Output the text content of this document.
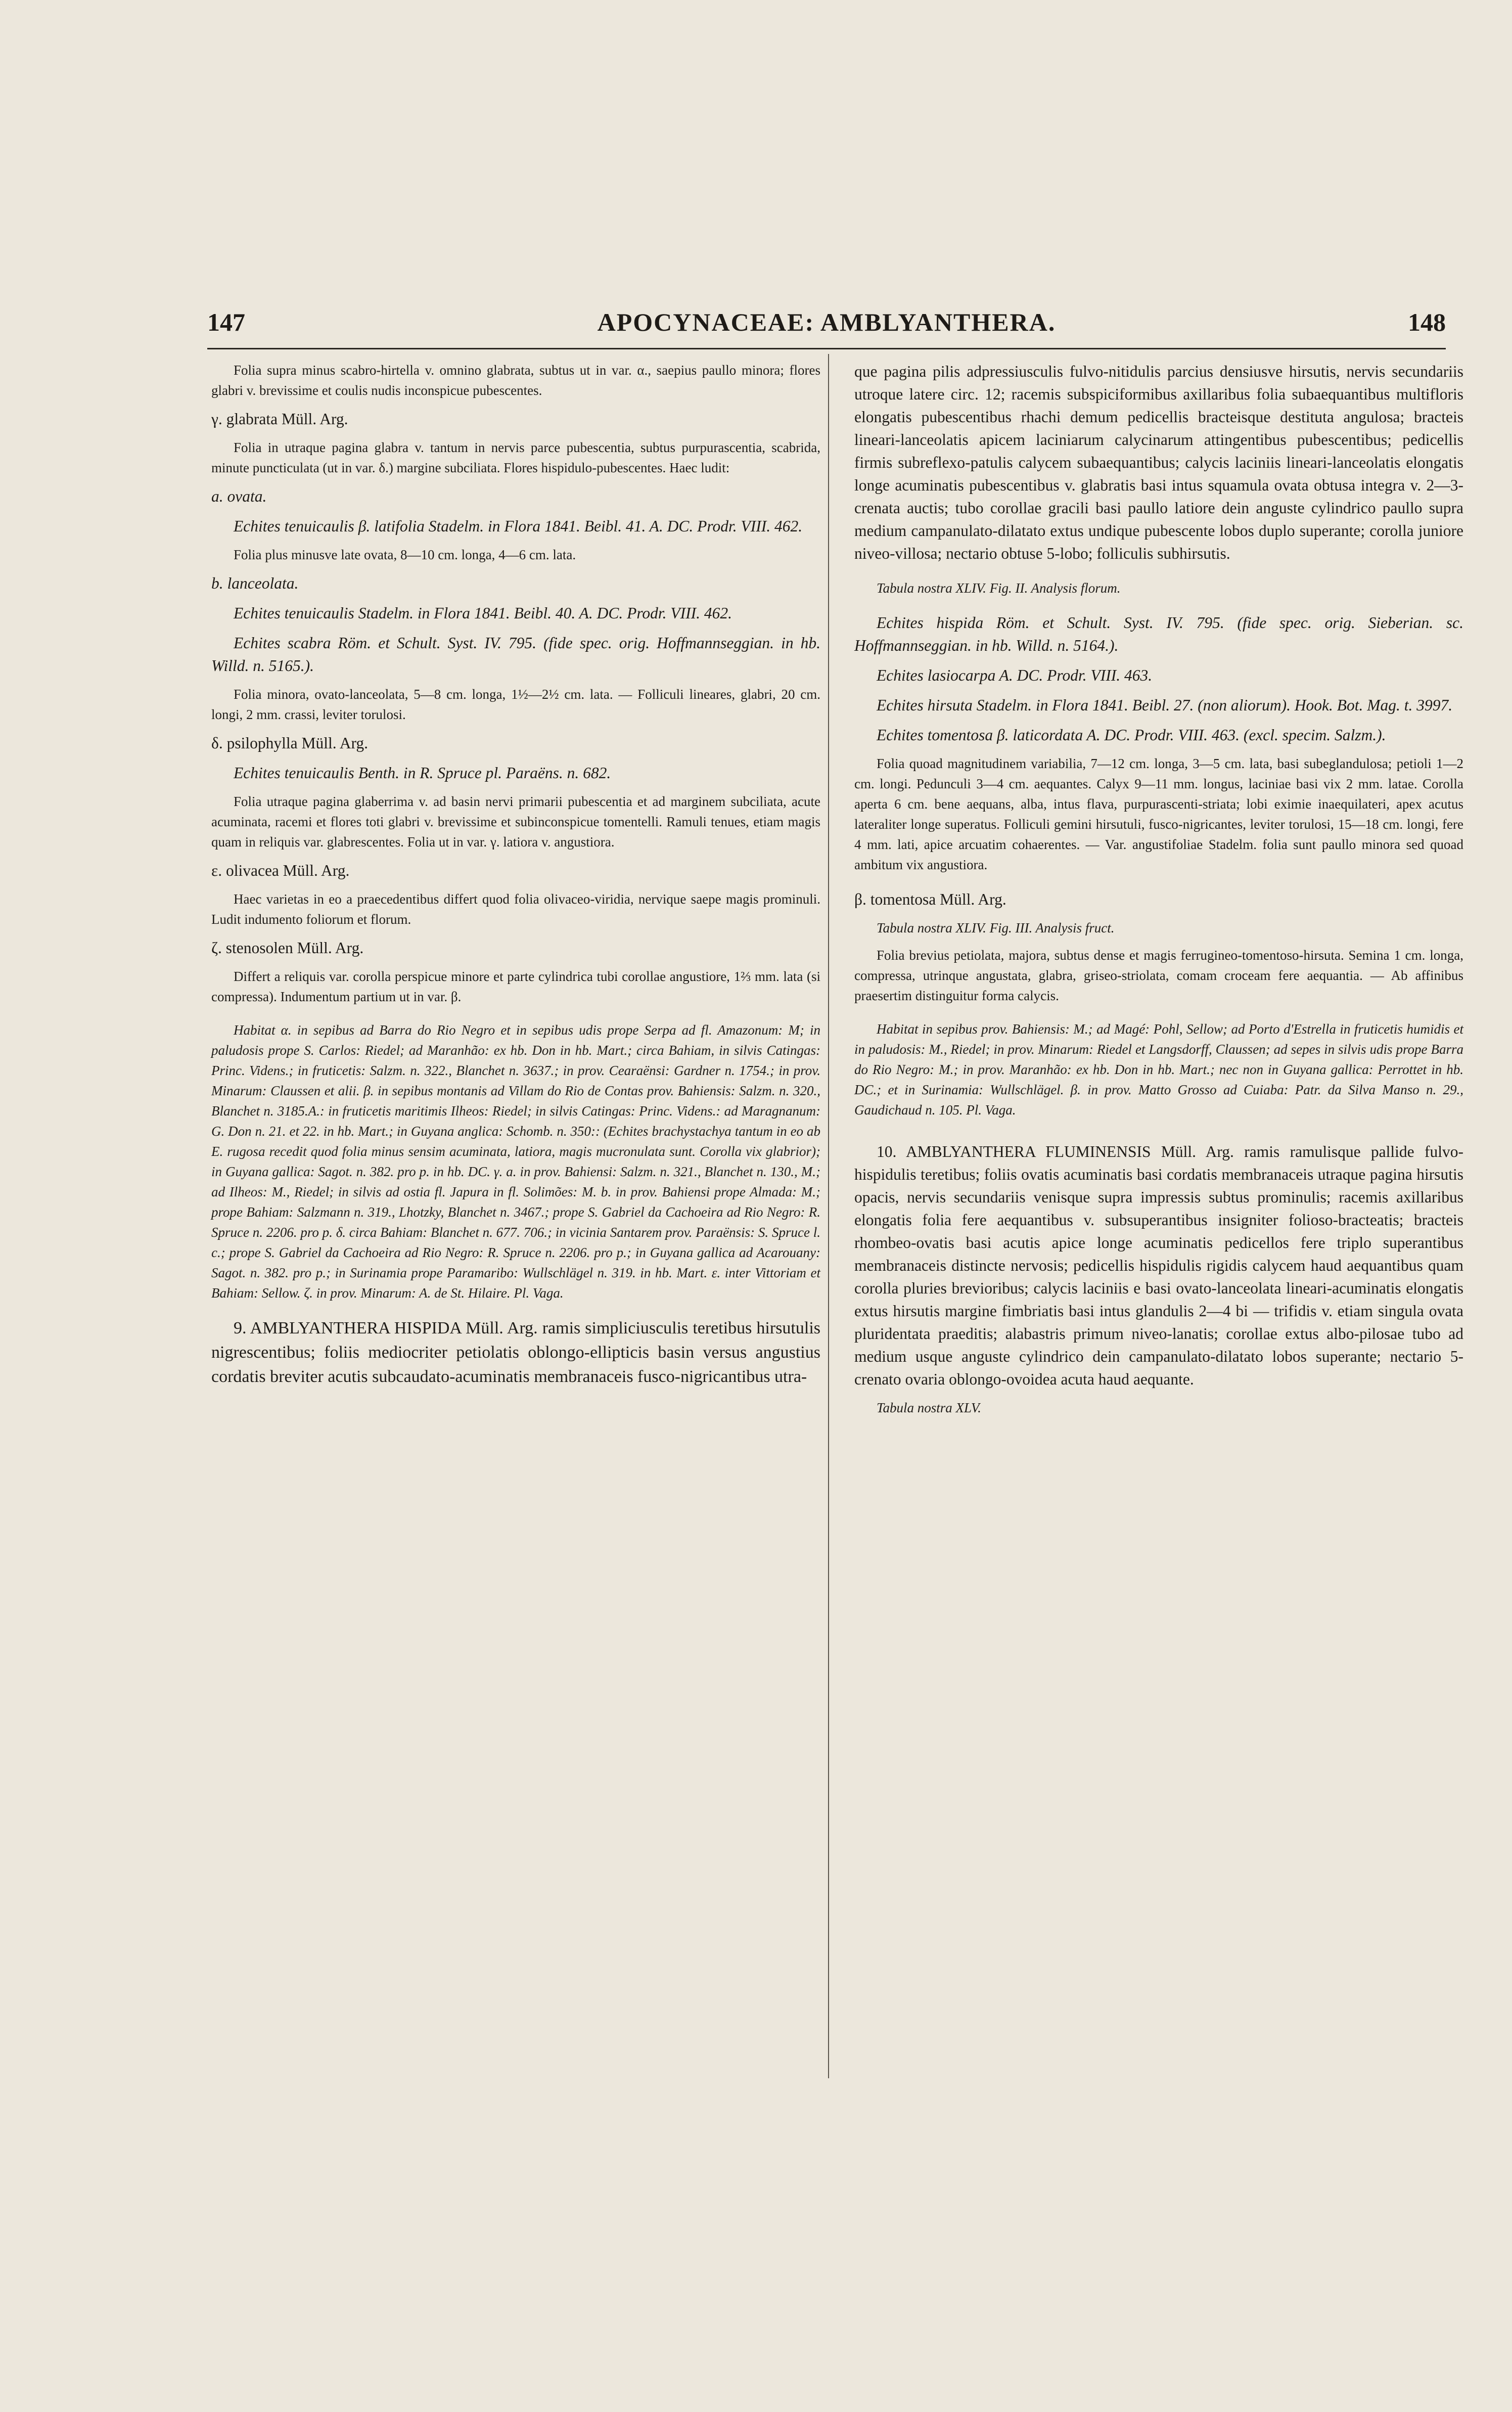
147	APOCYNACEAE: AMBLYANTHERA.	148

Folia supra minus scabro-hirtella v. omnino glabrata, subtus ut in var. α., saepius paullo minora; flores glabri v. brevissime et coulis nudis inconspicue pubescentes.

γ. glabrata Müll. Arg.

Folia in utraque pagina glabra v. tantum in nervis parce pubescentia, subtus purpurascentia, scabrida, minute puncticulata (ut in var. δ.) margine subciliata. Flores hispidulo-pubescentes. Haec ludit:

a. ovata.

Echites tenuicaulis β. latifolia Stadelm. in Flora 1841. Beibl. 41. A. DC. Prodr. VIII. 462.

Folia plus minusve late ovata, 8—10 cm. longa, 4—6 cm. lata.

b. lanceolata.

Echites tenuicaulis Stadelm. in Flora 1841. Beibl. 40. A. DC. Prodr. VIII. 462.

Echites scabra Röm. et Schult. Syst. IV. 795. (fide spec. orig. Hoffmannseggian. in hb. Willd. n. 5165.).

Folia minora, ovato-lanceolata, 5—8 cm. longa, 1½—2½ cm. lata. — Folliculi lineares, glabri, 20 cm. longi, 2 mm. crassi, leviter torulosi.

δ. psilophylla Müll. Arg.

Echites tenuicaulis Benth. in R. Spruce pl. Paraëns. n. 682.

Folia utraque pagina glaberrima v. ad basin nervi primarii pubescentia et ad marginem subciliata, acute acuminata, racemi et flores toti glabri v. brevissime et subinconspicue tomentelli. Ramuli tenues, etiam magis quam in reliquis var. glabrescentes. Folia ut in var. γ. latiora v. angustiora.

ε. olivacea Müll. Arg.

Haec varietas in eo a praecedentibus differt quod folia olivaceo-viridia, nervique saepe magis prominuli. Ludit indumento foliorum et florum.

ζ. stenosolen Müll. Arg.

Differt a reliquis var. corolla perspicue minore et parte cylindrica tubi corollae angustiore, 1⅔ mm. lata (si compressa). Indumentum partium ut in var. β.

Habitat α. in sepibus ad Barra do Rio Negro et in sepibus udis prope Serpa ad fl. Amazonum: M; in paludosis prope S. Carlos: Riedel; ad Maranhão: ex hb. Don in hb. Mart.; circa Bahiam, in silvis Catingas: Princ. Videns.; in fruticetis: Salzm. n. 322., Blanchet n. 3637.; in prov. Cearaënsi: Gardner n. 1754.; in prov. Minarum: Claussen et alii. β. in sepibus montanis ad Villam do Rio de Contas prov. Bahiensis: Salzm. n. 320., Blanchet n. 3185.A.: in fruticetis maritimis Ilheos: Riedel; in silvis Catingas: Princ. Videns.: ad Maragnanum: G. Don n. 21. et 22. in hb. Mart.; in Guyana anglica: Schomb. n. 350:: (Echites brachystachya tantum in eo ab E. rugosa recedit quod folia minus sensim acuminata, latiora, magis mucronulata sunt. Corolla vix glabrior); in Guyana gallica: Sagot. n. 382. pro p. in hb. DC. γ. a. in prov. Bahiensi: Salzm. n. 321., Blanchet n. 130., M.; ad Ilheos: M., Riedel; in silvis ad ostia fl. Japura in fl. Solimões: M. b. in prov. Bahiensi prope Almada: M.; prope Bahiam: Salzmann n. 319., Lhotzky, Blanchet n. 3467.; prope S. Gabriel da Cachoeira ad Rio Negro: R. Spruce n. 2206. pro p. δ. circa Bahiam: Blanchet n. 677. 706.; in vicinia Santarem prov. Paraënsis: S. Spruce l. c.; prope S. Gabriel da Cachoeira ad Rio Negro: R. Spruce n. 2206. pro p.; in Guyana gallica ad Acarouany: Sagot. n. 382. pro p.; in Surinamia prope Paramaribo: Wullschlägel n. 319. in hb. Mart. ε. inter Vittoriam et Bahiam: Sellow. ζ. in prov. Minarum: A. de St. Hilaire. Pl. Vaga.

9. AMBLYANTHERA HISPIDA Müll. Arg. ramis simpliciusculis teretibus hirsutulis nigrescentibus; foliis mediocriter petiolatis oblongo-ellipticis basin versus angustius cordatis breviter acutis subcaudato-acuminatis membranaceis fusco-nigricantibus utra-

que pagina pilis adpressiusculis fulvo-nitidulis parcius densiusve hirsutis, nervis secundariis utroque latere circ. 12; racemis subspiciformibus axillaribus folia subaequantibus multifloris elongatis pubescentibus rhachi demum pedicellis bracteisque destituta angulosa; bracteis lineari-lanceolatis apicem laciniarum calycinarum attingentibus pubescentibus; pedicellis firmis subreflexo-patulis calycem subaequantibus; calycis laciniis lineari-lanceolatis elongatis longe acuminatis pubescentibus v. glabratis basi intus squamula ovata obtusa integra v. 2—3-crenata auctis; tubo corollae gracili basi paullo latiore dein anguste cylindrico paullo supra medium campanulato-dilatato extus undique pubescente lobos duplo superante; corolla juniore niveo-villosa; nectario obtuse 5-lobo; folliculis subhirsutis.

Tabula nostra XLIV. Fig. II. Analysis florum.

Echites hispida Röm. et Schult. Syst. IV. 795. (fide spec. orig. Sieberian. sc. Hoffmannseggian. in hb. Willd. n. 5164.).

Echites lasiocarpa A. DC. Prodr. VIII. 463.

Echites hirsuta Stadelm. in Flora 1841. Beibl. 27. (non aliorum). Hook. Bot. Mag. t. 3997.

Echites tomentosa β. laticordata A. DC. Prodr. VIII. 463. (excl. specim. Salzm.).

Folia quoad magnitudinem variabilia, 7—12 cm. longa, 3—5 cm. lata, basi subeglandulosa; petioli 1—2 cm. longi. Pedunculi 3—4 cm. aequantes. Calyx 9—11 mm. longus, laciniae basi vix 2 mm. latae. Corolla aperta 6 cm. bene aequans, alba, intus flava, purpurascenti-striata; lobi eximie inaequilateri, apex acutus lateraliter longe superatus. Folliculi gemini hirsutuli, fusco-nigricantes, leviter torulosi, 15—18 cm. longi, fere 4 mm. lati, apice arcuatim cohaerentes. — Var. angustifoliae Stadelm. folia sunt paullo minora sed quoad ambitum vix angustiora.

β. tomentosa Müll. Arg.

Tabula nostra XLIV. Fig. III. Analysis fruct.

Folia brevius petiolata, majora, subtus dense et magis ferrugineo-tomentoso-hirsuta. Semina 1 cm. longa, compressa, utrinque angustata, glabra, griseo-striolata, comam croceam fere aequantia. — Ab affinibus praesertim distinguitur forma calycis.

Habitat in sepibus prov. Bahiensis: M.; ad Magé: Pohl, Sellow; ad Porto d'Estrella in fruticetis humidis et in paludosis: M., Riedel; in prov. Minarum: Riedel et Langsdorff, Claussen; ad sepes in silvis udis prope Barra do Rio Negro: M.; in prov. Maranhão: ex hb. Don in hb. Mart.; nec non in Guyana gallica: Perrottet in hb. DC.; et in Surinamia: Wullschlägel. β. in prov. Matto Grosso ad Cuiaba: Patr. da Silva Manso n. 29., Gaudichaud n. 105. Pl. Vaga.

10. AMBLYANTHERA FLUMINENSIS Müll. Arg. ramis ramulisque pallide fulvo-hispidulis teretibus; foliis ovatis acuminatis basi cordatis membranaceis utraque pagina hirsutis opacis, nervis secundariis venisque supra impressis subtus prominulis; racemis axillaribus elongatis folia fere aequantibus v. subsuperantibus insigniter folioso-bracteatis; bracteis rhombeo-ovatis basi acutis apice longe acuminatis pedicellos fere triplo superantibus membranaceis distincte nervosis; pedicellis hispidulis rigidis calycem haud aequantibus quam corolla pluries brevioribus; calycis laciniis e basi ovato-lanceolata lineari-acuminatis elongatis extus hirsutis margine fimbriatis basi intus glandulis 2—4 bi — trifidis v. etiam singula ovata pluridentata praeditis; alabastris primum niveo-lanatis; corollae extus albo-pilosae tubo ad medium usque anguste cylindrico dein campanulato-dilatato lobos superante; nectario 5-crenato ovaria oblongo-ovoidea acuta haud aequante.

Tabula nostra XLV.
